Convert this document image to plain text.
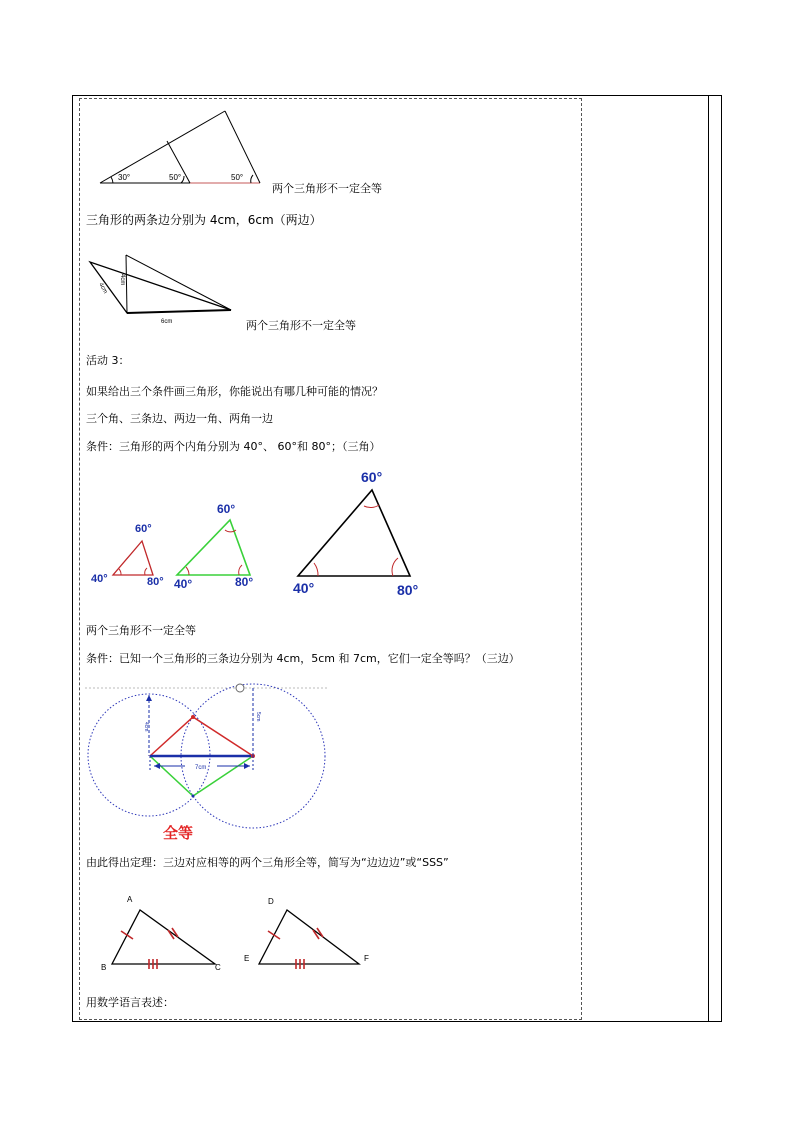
30°	50°	50°
两个三角形不一定全等
三角形的两条边分别为 4cm，6cm（两边）
4cm
4cm
6cm	两个三角形不一定全等
活动 3：
如果给出三个条件画三角形，你能说出有哪几种可能的情况？
三个角、三条边、两边一角、两角一边
条件：三角形的两个内角分别为 40°、 60°和 80°；（三角）
60°
40°	80°
60°
40°	80°
60°
40°	80°
两个三角形不一定全等
条件：已知一个三角形的三条边分别为 4cm，5cm 和 7cm，它们一定全等吗？（三边）
7cm
4cm
5cm
全等
由此得出定理：三边对应相等的两个三角形全等，简写为“边边边”或“SSS”
A
B	C
D
E	F
用数学语言表述：
